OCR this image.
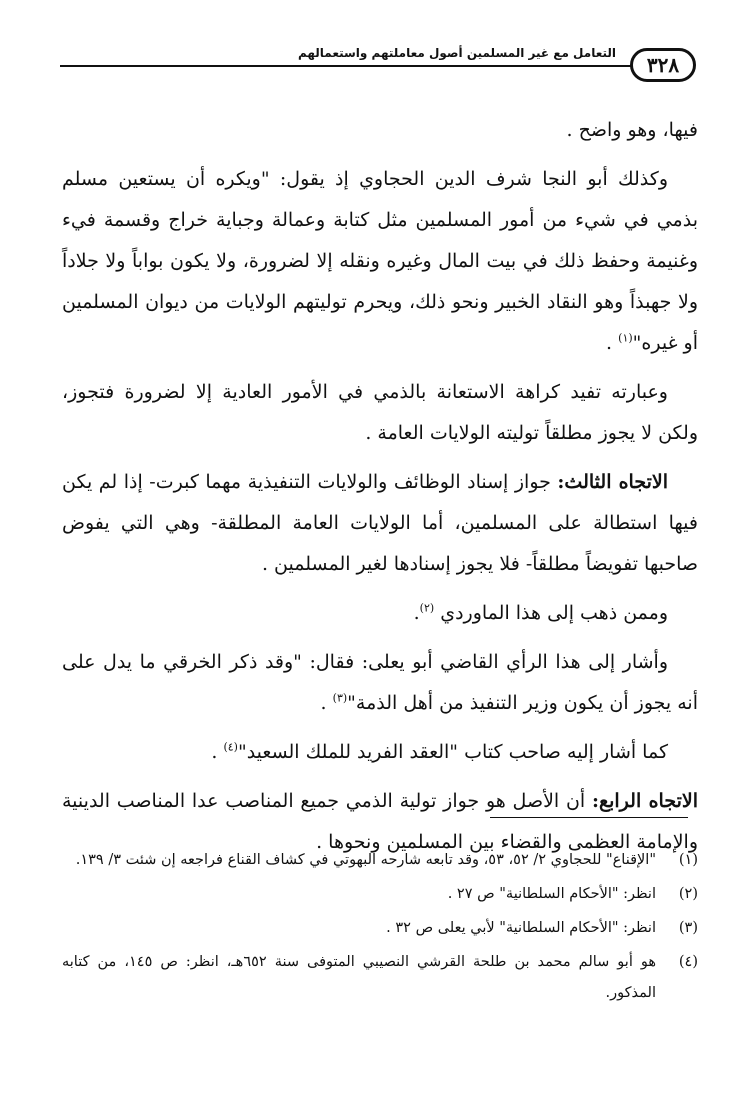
٣٢٨
التعامل مع غير المسلمين أصول معاملتهم واستعمالهم

فيها، وهو واضح .

وكذلك أبو النجا شرف الدين الحجاوي إذ يقول: "ويكره أن يستعين مسلم بذمي في شيء من أمور المسلمين مثل كتابة وعمالة وجباية خراج وقسمة فيء وغنيمة وحفظ ذلك في بيت المال وغيره ونقله إلا لضرورة، ولا يكون بواباً ولا جلاداً ولا جهبذاً وهو النقاد الخبير ونحو ذلك، ويحرم توليتهم الولايات من ديوان المسلمين أو غيره"$^{(١)}$ .

وعبارته تفيد كراهة الاستعانة بالذمي في الأمور العادية إلا لضرورة فتجوز، ولكن لا يجوز مطلقاً توليته الولايات العامة .

الاتجاه الثالث: جواز إسناد الوظائف والولايات التنفيذية مهما كبرت- إذا لم يكن فيها استطالة على المسلمين، أما الولايات العامة المطلقة- وهي التي يفوض صاحبها تفويضاً مطلقاً- فلا يجوز إسنادها لغير المسلمين .

وممن ذهب إلى هذا الماوردي $^{(٢)}$.

وأشار إلى هذا الرأي القاضي أبو يعلى: فقال: "وقد ذكر الخرقي ما يدل على أنه يجوز أن يكون وزير التنفيذ من أهل الذمة"$^{(٣)}$ .

كما أشار إليه صاحب كتاب "العقد الفريد للملك السعيد"$^{(٤)}$ .

الاتجاه الرابع: أن الأصل هو جواز تولية الذمي جميع المناصب عدا المناصب الدينية والإمامة العظمى والقضاء بين المسلمين ونحوها .

(١)
"الإقناع" للحجاوي ٢/ ٥٢، ٥٣، وقد تابعه شارحه البهوتي في كشاف القناع فراجعه إن شئت ٣/ ١٣٩.
(٢)
انظر: "الأحكام السلطانية" ص ٢٧ .
(٣)
انظر: "الأحكام السلطانية" لأبي يعلى ص ٣٢ .
(٤)
هو أبو سالم محمد بن طلحة القرشي النصيبي المتوفى سنة ٦٥٢هـ، انظر: ص ١٤٥، من كتابه المذكور.
